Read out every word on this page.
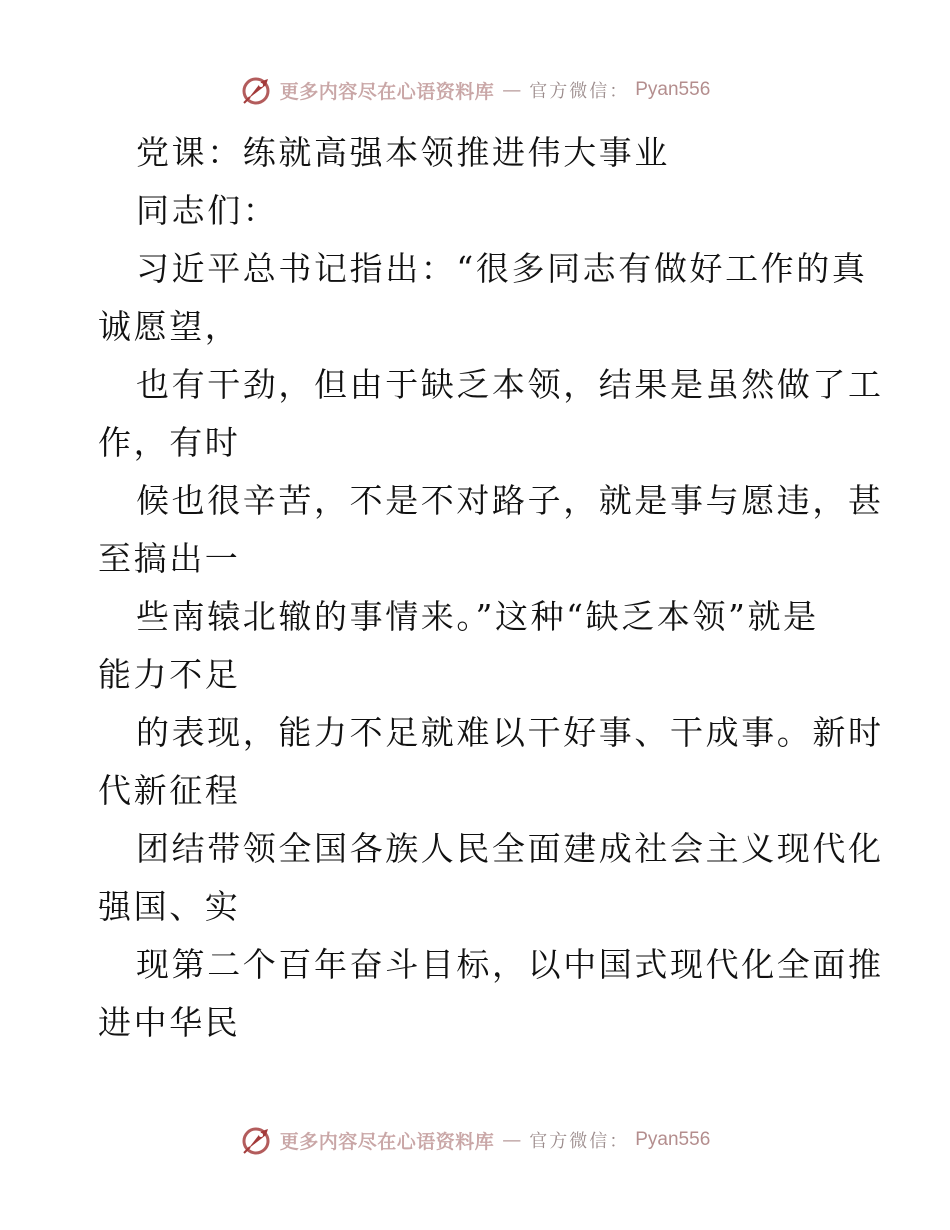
更多内容尽在心语资料库 — 官方微信： Pyan556
党课：练就高强本领推进伟大事业
同志们：
习近平总书记指出：“很多同志有做好工作的真
诚愿望，
也有干劲，但由于缺乏本领，结果是虽然做了工
作，有时
候也很辛苦，不是不对路子，就是事与愿违，甚
至搞出一
些南辕北辙的事情来。”这种“缺乏本领”就是
能力不足
的表现，能力不足就难以干好事、干成事。新时
代新征程
团结带领全国各族人民全面建成社会主义现代化
强国、实
现第二个百年奋斗目标，以中国式现代化全面推
进中华民
更多内容尽在心语资料库 — 官方微信： Pyan556
